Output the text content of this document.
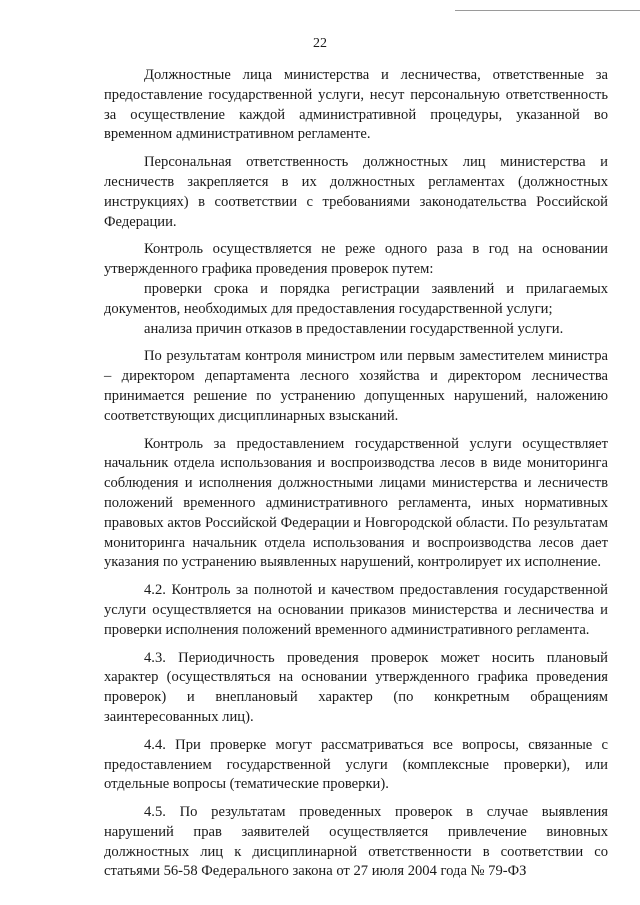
22

Должностные лица министерства и лесничества, ответственные за предоставление государственной услуги, несут персональную ответственность за осуществление каждой административной процедуры, указанной во временном административном регламенте.

Персональная ответственность должностных лиц министерства и лесничеств закрепляется в их должностных регламентах (должностных инструкциях) в соответствии с требованиями законодательства Российской Федерации.

Контроль осуществляется не реже одного раза в год на основании утвержденного графика проведения проверок путем:

проверки срока и порядка регистрации заявлений и прилагаемых документов, необходимых для предоставления государственной услуги;

анализа причин отказов в предоставлении государственной услуги.

По результатам контроля министром или первым заместителем министра – директором департамента лесного хозяйства и директором лесничества принимается решение по устранению допущенных нарушений, наложению соответствующих дисциплинарных взысканий.

Контроль за предоставлением государственной услуги осуществляет начальник отдела использования и воспроизводства лесов в виде мониторинга соблюдения и исполнения должностными лицами министерства и лесничеств положений временного административного регламента, иных нормативных правовых актов Российской Федерации и Новгородской области. По результатам мониторинга начальник отдела использования и воспроизводства лесов дает указания по устранению выявленных нарушений, контролирует их исполнение.

4.2. Контроль за полнотой и качеством предоставления государственной услуги осуществляется на основании приказов министерства и лесничества и проверки исполнения положений временного административного регламента.

4.3. Периодичность проведения проверок может носить плановый характер (осуществляться на основании утвержденного графика проведения проверок) и внеплановый характер (по конкретным обращениям заинтересованных лиц).

4.4. При проверке могут рассматриваться все вопросы, связанные с предоставлением государственной услуги (комплексные проверки), или отдельные вопросы (тематические проверки).

4.5. По результатам проведенных проверок в случае выявления нарушений прав заявителей осуществляется привлечение виновных должностных лиц к дисциплинарной ответственности в соответствии со статьями 56-58 Федерального закона от 27 июля 2004 года № 79-ФЗ
